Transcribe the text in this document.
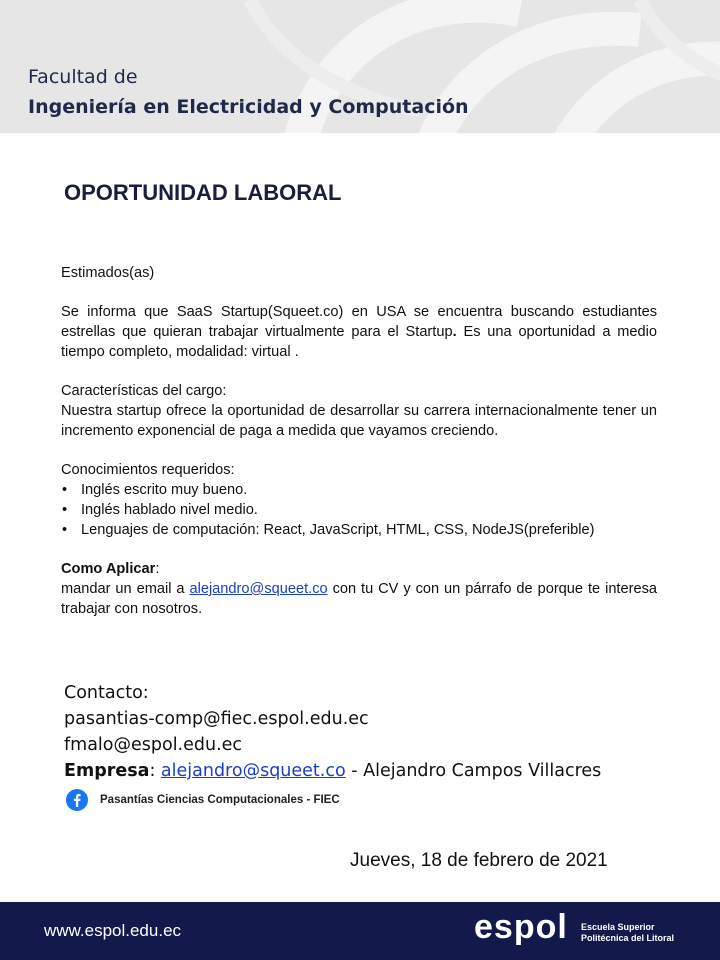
Facultad de
Ingeniería en Electricidad y Computación
OPORTUNIDAD LABORAL

Estimados(as)

Se informa que SaaS Startup(Squeet.co) en USA se encuentra buscando estudiantes estrellas que quieran trabajar virtualmente para el Startup. Es una oportunidad a medio tiempo completo, modalidad: virtual .

Características del cargo:

Nuestra startup ofrece la oportunidad de desarrollar su carrera internacionalmente tener un incremento exponencial de paga a medida que vayamos creciendo.

Conocimientos requeridos:

• Inglés escrito muy bueno.
• Inglés hablado nivel medio.
• Lenguajes de computación: React, JavaScript, HTML, CSS, NodeJS(preferible)

Como Aplicar:

mandar un email a alejandro@squeet.co con tu CV y con un párrafo de porque te interesa trabajar con nosotros.

Contacto:
pasantias-comp@fiec.espol.edu.ec
fmalo@espol.edu.ec
Empresa: alejandro@squeet.co - Alejandro Campos Villacres
Pasantías Ciencias Computacionales - FIEC
Jueves, 18 de febrero de 2021
www.espol.edu.ec	espol Escuela Superior
Politécnica del Litoral
